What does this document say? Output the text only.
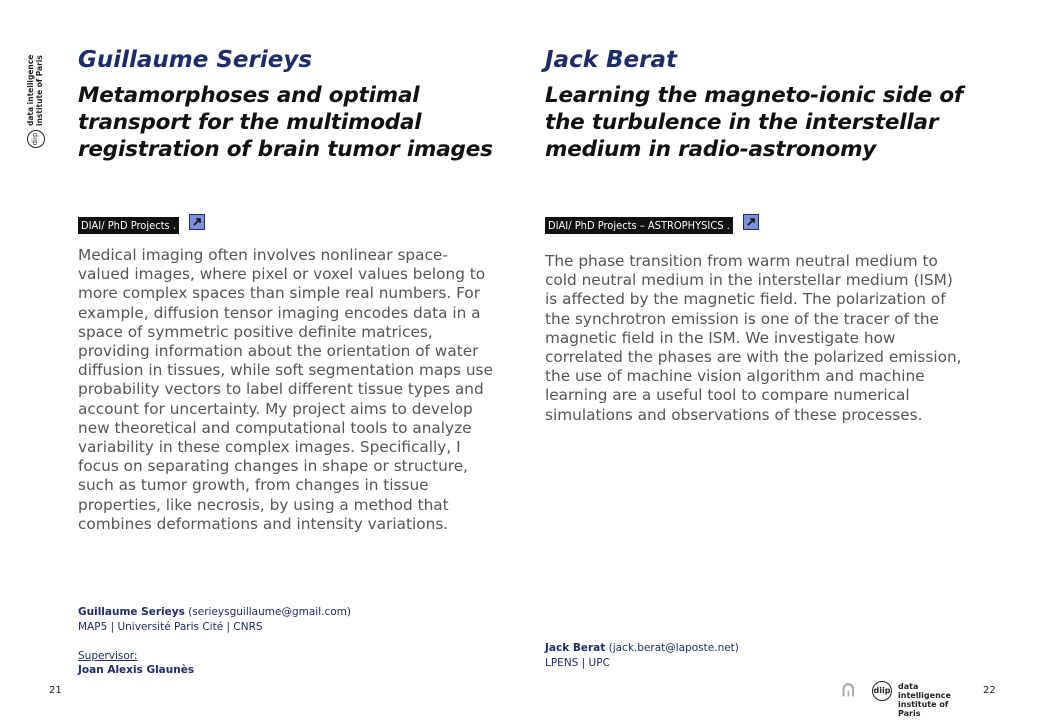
data intelligence institute of Paris
diip
Guillaume Serieys
Metamorphoses and optimal transport for the multimodal registration of brain tumor images
DIAI/ PhD Projects .

Medical imaging often involves nonlinear space-valued images, where pixel or voxel values belong to more complex spaces than simple real numbers. For example, diffusion tensor imaging encodes data in a space of symmetric positive definite matrices, providing information about the orientation of water diffusion in tissues, while soft segmentation maps use probability vectors to label different tissue types and account for uncertainty. My project aims to develop new theoretical and computational tools to analyze variability in these complex images. Specifically, I focus on separating changes in shape or structure, such as tumor growth, from changes in tissue properties, like necrosis, by using a method that combines deformations and intensity variations.

Guillaume Serieys (serieysguillaume@gmail.com)
MAP5 | Université Paris Cité | CNRS
Supervisor:
Joan Alexis Glaunès
Jack Berat
Learning the magneto-ionic side of the turbulence in the interstellar medium in radio-astronomy
DIAI/ PhD Projects – ASTROPHYSICS .

The phase transition from warm neutral medium to cold neutral medium in the interstellar medium (ISM) is affected by the magnetic field. The polarization of the synchrotron emission is one of the tracer of the magnetic field in the ISM. We investigate how correlated the phases are with the polarized emission, the use of machine vision algorithm and machine learning are a useful tool to compare numerical simulations and observations of these processes.

Jack Berat (jack.berat@laposte.net)
LPENS | UPC
21	22
ᕬ diip data intelligence
institute of Paris
